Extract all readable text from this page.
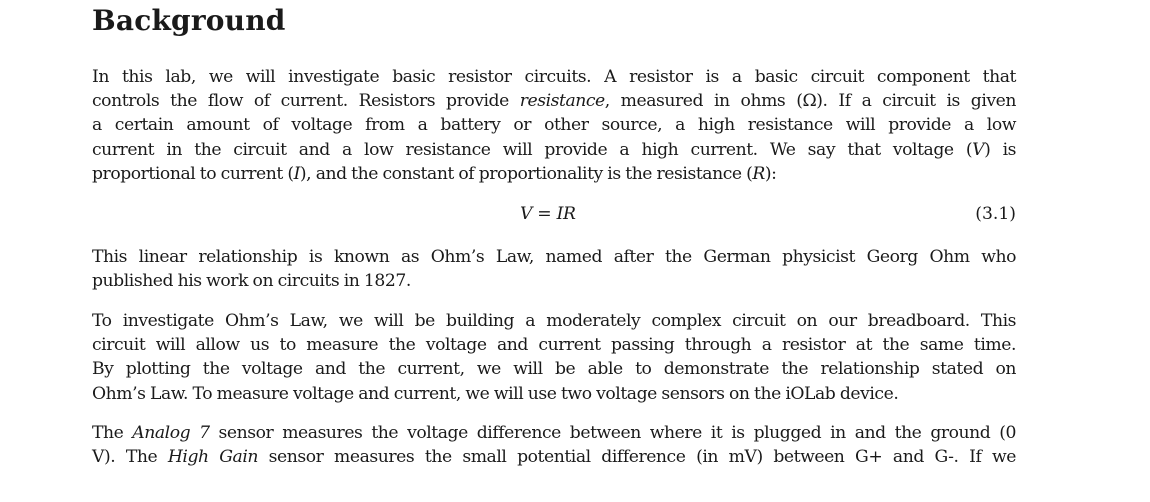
Background
In this lab, we will investigate basic resistor circuits. A resistor is a basic circuit component that
controls the flow of current. Resistors provide resistance, measured in ohms (Ω). If a circuit is given
a certain amount of voltage from a battery or other source, a high resistance will provide a low
current in the circuit and a low resistance will provide a high current. We say that voltage (V) is
proportional to current (I), and the constant of proportionality is the resistance (R):
V = IR	(3.1)
This linear relationship is known as Ohm’s Law, named after the German physicist Georg Ohm who
published his work on circuits in 1827.
To investigate Ohm’s Law, we will be building a moderately complex circuit on our breadboard. This
circuit will allow us to measure the voltage and current passing through a resistor at the same time.
By plotting the voltage and the current, we will be able to demonstrate the relationship stated on
Ohm’s Law. To measure voltage and current, we will use two voltage sensors on the iOLab device.
The Analog 7 sensor measures the voltage difference between where it is plugged in and the ground (0
V). The High Gain sensor measures the small potential difference (in mV) between G+ and G-. If we
